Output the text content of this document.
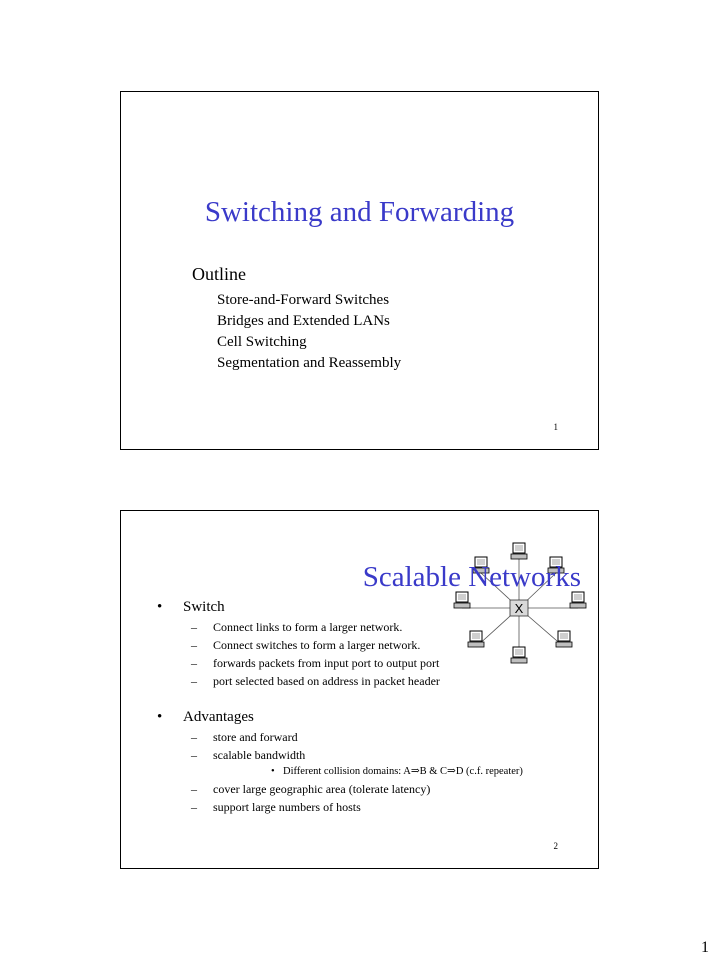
Switching and Forwarding
Outline
Store-and-Forward Switches
Bridges and Extended LANs
Cell Switching
Segmentation and Reassembly
1
X
Scalable Networks
• Switch
– Connect links to form a larger network.
– Connect switches to form a larger network.
– forwards packets from input port to output port
– port selected based on address in packet header
• Advantages
– store and forward
– scalable bandwidth
• Different collision domains: A⇒B & C⇒D (c.f. repeater)
– cover large geographic area (tolerate latency)
– support large numbers of hosts
2
1
